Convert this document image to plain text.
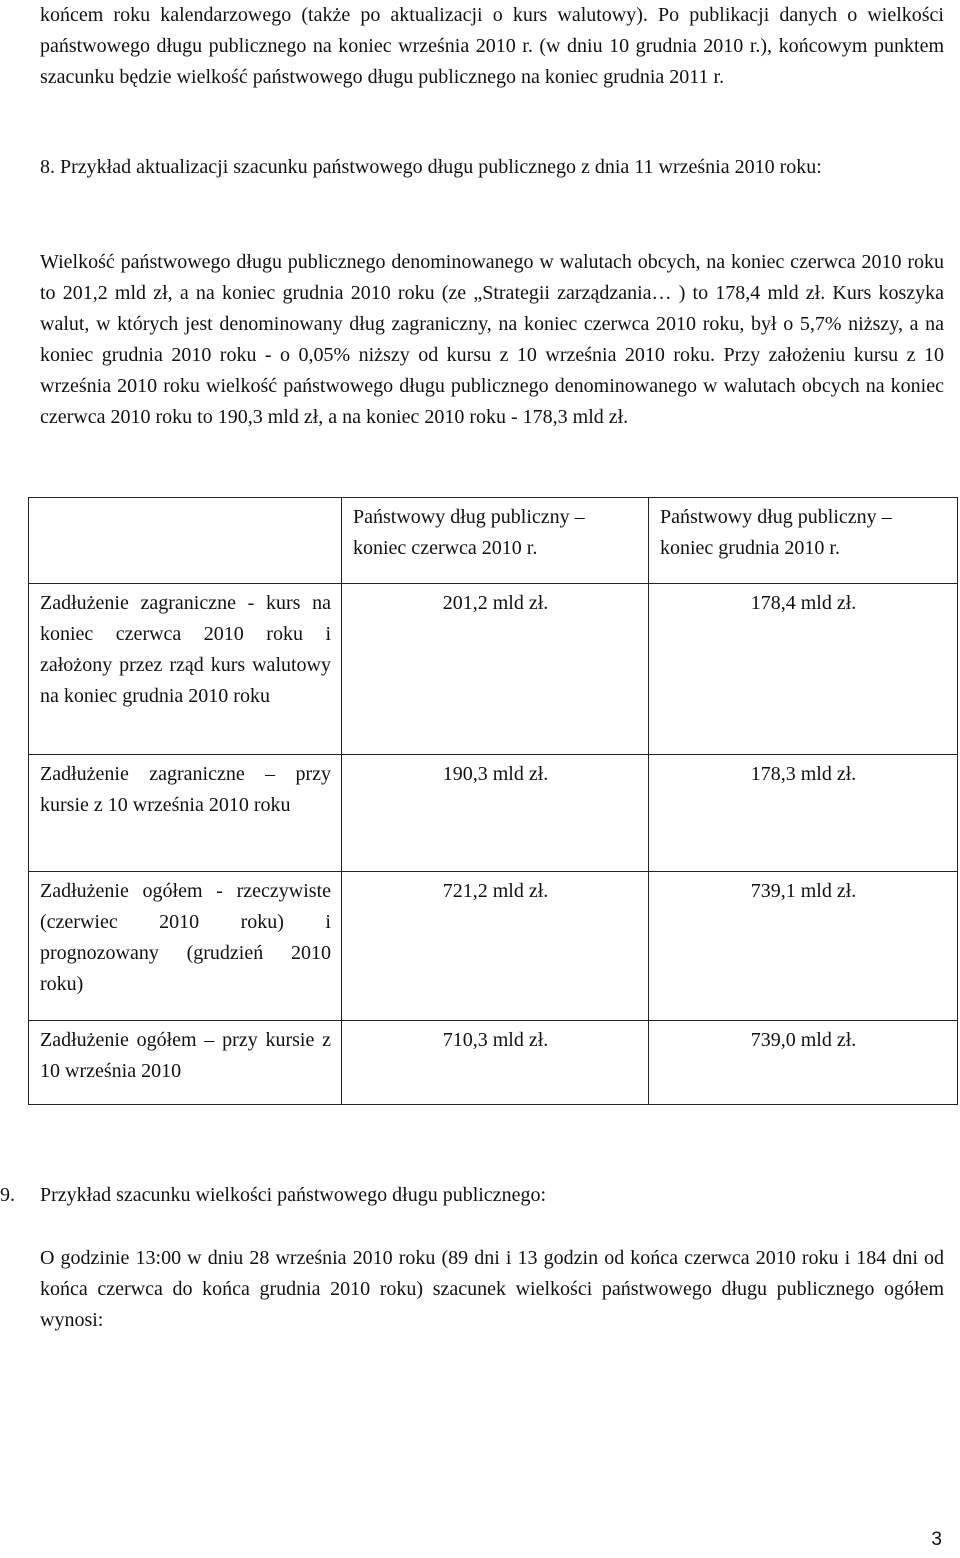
końcem roku kalendarzowego (także po aktualizacji o kurs walutowy). Po publikacji danych o wielkości państwowego długu publicznego na koniec września 2010 r. (w dniu 10 grudnia 2010 r.), końcowym punktem szacunku będzie wielkość państwowego długu publicznego na koniec grudnia 2011 r.

8. Przykład aktualizacji szacunku państwowego długu publicznego z dnia 11 września 2010 roku:

Wielkość państwowego długu publicznego denominowanego w walutach obcych, na koniec czerwca 2010 roku to 201,2 mld zł, a na koniec grudnia 2010 roku (ze „Strategii zarządzania… ) to 178,4 mld zł. Kurs koszyka walut, w których jest denominowany dług zagraniczny, na koniec czerwca 2010 roku, był o 5,7% niższy, a na koniec grudnia 2010 roku - o 0,05% niższy od kursu z 10 września 2010 roku. Przy założeniu kursu z 10 września 2010 roku wielkość państwowego długu publicznego denominowanego w walutach obcych na koniec czerwca 2010 roku to 190,3 mld zł, a na koniec 2010 roku - 178,3 mld zł.

	Państwowy dług publiczny – koniec czerwca 2010 r.	Państwowy dług publiczny – koniec grudnia 2010 r.
Zadłużenie zagraniczne - kurs na koniec czerwca 2010 roku i założony przez rząd kurs walutowy na koniec grudnia 2010 roku	201,2 mld zł.	178,4 mld zł.
Zadłużenie zagraniczne – przy kursie z 10 września 2010 roku	190,3 mld zł.	178,3 mld zł.
Zadłużenie ogółem - rzeczywiste (czerwiec 2010 roku) i prognozowany (grudzień 2010 roku)	721,2 mld zł.	739,1 mld zł.
Zadłużenie ogółem – przy kursie z 10 września 2010	710,3 mld zł.	739,0 mld zł.

9. Przykład szacunku wielkości państwowego długu publicznego:

O godzinie 13:00 w dniu 28 września 2010 roku (89 dni i 13 godzin od końca czerwca 2010 roku i 184 dni od końca czerwca do końca grudnia 2010 roku) szacunek wielkości państwowego długu publicznego ogółem wynosi:

3
